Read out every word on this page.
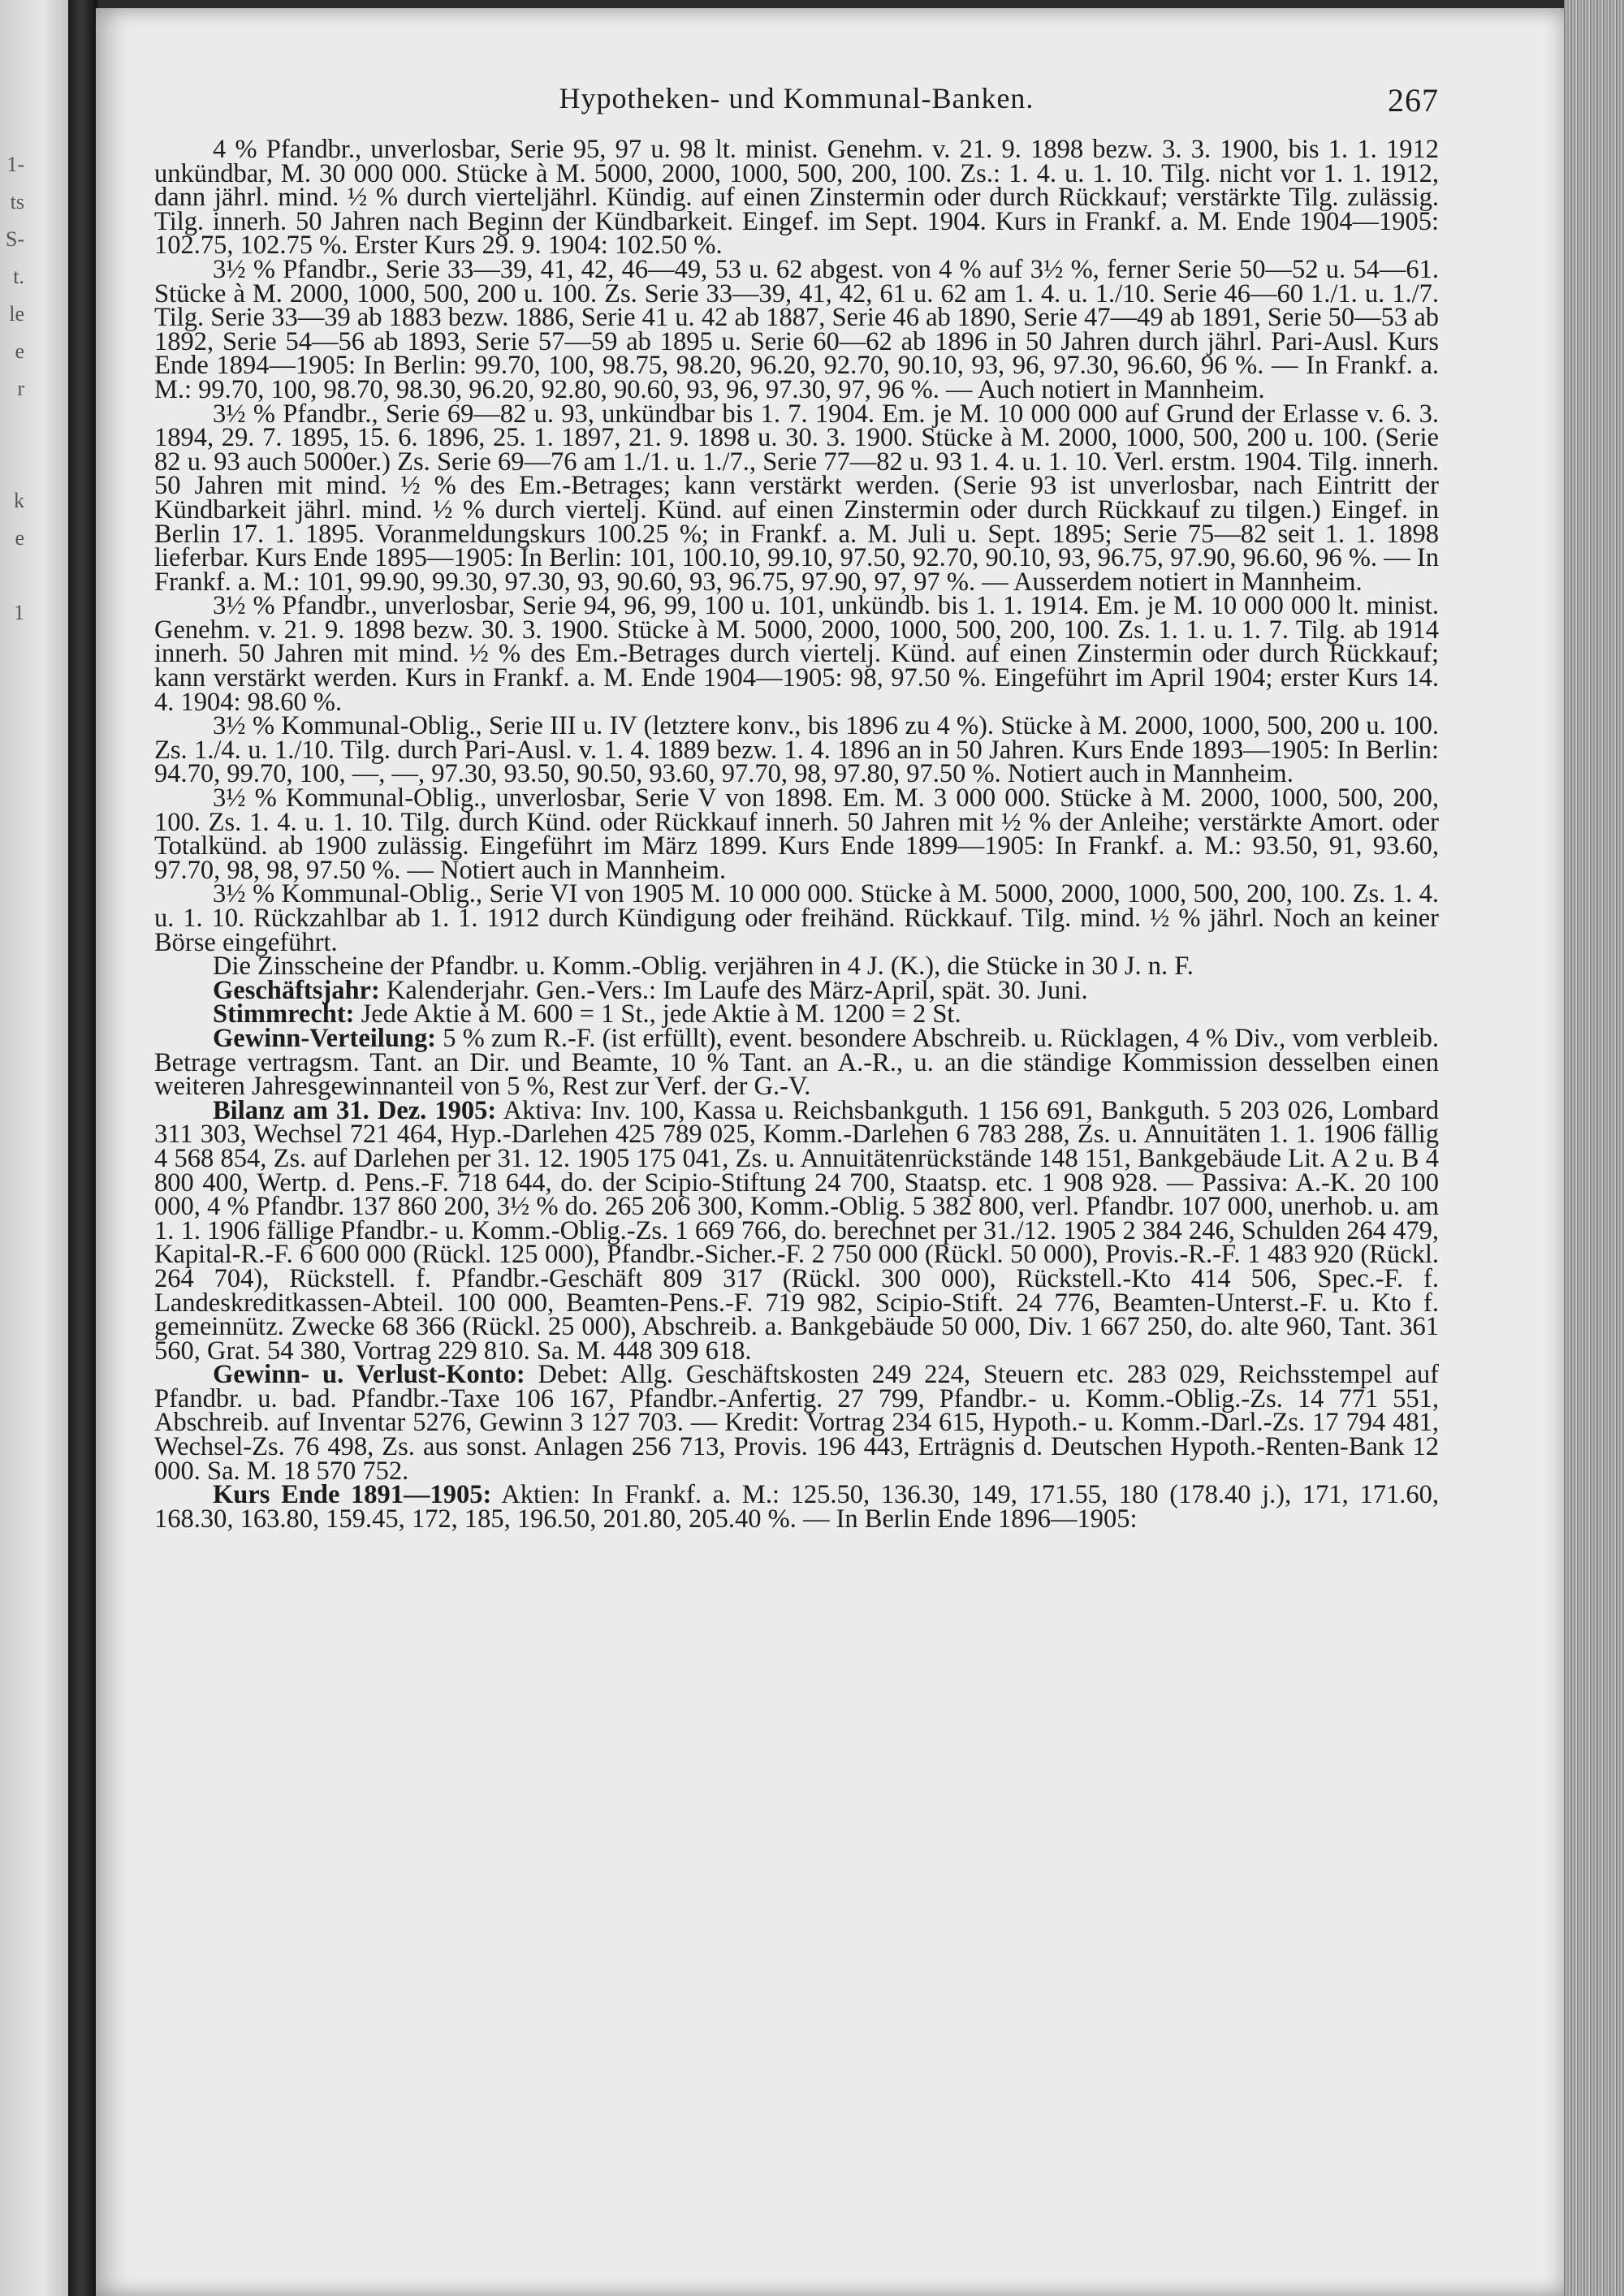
1-
ts
S-
t.
le
e
r

k
e

1
Hypotheken- und Kommunal-Banken.	267

4 % Pfandbr., unverlosbar, Serie 95, 97 u. 98 lt. minist. Genehm. v. 21. 9. 1898 bezw. 3. 3. 1900, bis 1. 1. 1912 unkündbar, M. 30 000 000. Stücke à M. 5000, 2000, 1000, 500, 200, 100. Zs.: 1. 4. u. 1. 10. Tilg. nicht vor 1. 1. 1912, dann jährl. mind. ½ % durch vierteljährl. Kündig. auf einen Zinstermin oder durch Rückkauf; verstärkte Tilg. zulässig. Tilg. innerh. 50 Jahren nach Beginn der Kündbarkeit. Eingef. im Sept. 1904. Kurs in Frankf. a. M. Ende 1904—1905: 102.75, 102.75 %. Erster Kurs 29. 9. 1904: 102.50 %.

3½ % Pfandbr., Serie 33—39, 41, 42, 46—49, 53 u. 62 abgest. von 4 % auf 3½ %, ferner Serie 50—52 u. 54—61. Stücke à M. 2000, 1000, 500, 200 u. 100. Zs. Serie 33—39, 41, 42, 61 u. 62 am 1. 4. u. 1./10. Serie 46—60 1./1. u. 1./7. Tilg. Serie 33—39 ab 1883 bezw. 1886, Serie 41 u. 42 ab 1887, Serie 46 ab 1890, Serie 47—49 ab 1891, Serie 50—53 ab 1892, Serie 54—56 ab 1893, Serie 57—59 ab 1895 u. Serie 60—62 ab 1896 in 50 Jahren durch jährl. Pari-Ausl. Kurs Ende 1894—1905: In Berlin: 99.70, 100, 98.75, 98.20, 96.20, 92.70, 90.10, 93, 96, 97.30, 96.60, 96 %. — In Frankf. a. M.: 99.70, 100, 98.70, 98.30, 96.20, 92.80, 90.60, 93, 96, 97.30, 97, 96 %. — Auch notiert in Mannheim.

3½ % Pfandbr., Serie 69—82 u. 93, unkündbar bis 1. 7. 1904. Em. je M. 10 000 000 auf Grund der Erlasse v. 6. 3. 1894, 29. 7. 1895, 15. 6. 1896, 25. 1. 1897, 21. 9. 1898 u. 30. 3. 1900. Stücke à M. 2000, 1000, 500, 200 u. 100. (Serie 82 u. 93 auch 5000er.) Zs. Serie 69—76 am 1./1. u. 1./7., Serie 77—82 u. 93 1. 4. u. 1. 10. Verl. erstm. 1904. Tilg. innerh. 50 Jahren mit mind. ½ % des Em.-Betrages; kann verstärkt werden. (Serie 93 ist unverlosbar, nach Eintritt der Kündbarkeit jährl. mind. ½ % durch viertelj. Künd. auf einen Zinstermin oder durch Rückkauf zu tilgen.) Eingef. in Berlin 17. 1. 1895. Voranmeldungskurs 100.25 %; in Frankf. a. M. Juli u. Sept. 1895; Serie 75—82 seit 1. 1. 1898 lieferbar. Kurs Ende 1895—1905: In Berlin: 101, 100.10, 99.10, 97.50, 92.70, 90.10, 93, 96.75, 97.90, 96.60, 96 %. — In Frankf. a. M.: 101, 99.90, 99.30, 97.30, 93, 90.60, 93, 96.75, 97.90, 97, 97 %. — Ausserdem notiert in Mannheim.

3½ % Pfandbr., unverlosbar, Serie 94, 96, 99, 100 u. 101, unkündb. bis 1. 1. 1914. Em. je M. 10 000 000 lt. minist. Genehm. v. 21. 9. 1898 bezw. 30. 3. 1900. Stücke à M. 5000, 2000, 1000, 500, 200, 100. Zs. 1. 1. u. 1. 7. Tilg. ab 1914 innerh. 50 Jahren mit mind. ½ % des Em.-Betrages durch viertelj. Künd. auf einen Zinstermin oder durch Rückkauf; kann verstärkt werden. Kurs in Frankf. a. M. Ende 1904—1905: 98, 97.50 %. Eingeführt im April 1904; erster Kurs 14. 4. 1904: 98.60 %.

3½ % Kommunal-Oblig., Serie III u. IV (letztere konv., bis 1896 zu 4 %). Stücke à M. 2000, 1000, 500, 200 u. 100. Zs. 1./4. u. 1./10. Tilg. durch Pari-Ausl. v. 1. 4. 1889 bezw. 1. 4. 1896 an in 50 Jahren. Kurs Ende 1893—1905: In Berlin: 94.70, 99.70, 100, —, —, 97.30, 93.50, 90.50, 93.60, 97.70, 98, 97.80, 97.50 %. Notiert auch in Mannheim.

3½ % Kommunal-Oblig., unverlosbar, Serie V von 1898. Em. M. 3 000 000. Stücke à M. 2000, 1000, 500, 200, 100. Zs. 1. 4. u. 1. 10. Tilg. durch Künd. oder Rückkauf innerh. 50 Jahren mit ½ % der Anleihe; verstärkte Amort. oder Totalkünd. ab 1900 zulässig. Eingeführt im März 1899. Kurs Ende 1899—1905: In Frankf. a. M.: 93.50, 91, 93.60, 97.70, 98, 98, 97.50 %. — Notiert auch in Mannheim.

3½ % Kommunal-Oblig., Serie VI von 1905 M. 10 000 000. Stücke à M. 5000, 2000, 1000, 500, 200, 100. Zs. 1. 4. u. 1. 10. Rückzahlbar ab 1. 1. 1912 durch Kündigung oder freihänd. Rückkauf. Tilg. mind. ½ % jährl. Noch an keiner Börse eingeführt.

Die Zinsscheine der Pfandbr. u. Komm.-Oblig. verjähren in 4 J. (K.), die Stücke in 30 J. n. F.

Geschäftsjahr: Kalenderjahr. Gen.-Vers.: Im Laufe des März-April, spät. 30. Juni.

Stimmrecht: Jede Aktie à M. 600 = 1 St., jede Aktie à M. 1200 = 2 St.

Gewinn-Verteilung: 5 % zum R.-F. (ist erfüllt), event. besondere Abschreib. u. Rücklagen, 4 % Div., vom verbleib. Betrage vertragsm. Tant. an Dir. und Beamte, 10 % Tant. an A.-R., u. an die ständige Kommission desselben einen weiteren Jahresgewinnanteil von 5 %, Rest zur Verf. der G.-V.

Bilanz am 31. Dez. 1905: Aktiva: Inv. 100, Kassa u. Reichsbankguth. 1 156 691, Bankguth. 5 203 026, Lombard 311 303, Wechsel 721 464, Hyp.-Darlehen 425 789 025, Komm.-Darlehen 6 783 288, Zs. u. Annuitäten 1. 1. 1906 fällig 4 568 854, Zs. auf Darlehen per 31. 12. 1905 175 041, Zs. u. Annuitätenrückstände 148 151, Bankgebäude Lit. A 2 u. B 4 800 400, Wertp. d. Pens.-F. 718 644, do. der Scipio-Stiftung 24 700, Staatsp. etc. 1 908 928. — Passiva: A.-K. 20 100 000, 4 % Pfandbr. 137 860 200, 3½ % do. 265 206 300, Komm.-Oblig. 5 382 800, verl. Pfandbr. 107 000, unerhob. u. am 1. 1. 1906 fällige Pfandbr.- u. Komm.-Oblig.-Zs. 1 669 766, do. berechnet per 31./12. 1905 2 384 246, Schulden 264 479, Kapital-R.-F. 6 600 000 (Rückl. 125 000), Pfandbr.-Sicher.-F. 2 750 000 (Rückl. 50 000), Provis.-R.-F. 1 483 920 (Rückl. 264 704), Rückstell. f. Pfandbr.-Geschäft 809 317 (Rückl. 300 000), Rückstell.-Kto 414 506, Spec.-F. f. Landeskreditkassen-Abteil. 100 000, Beamten-Pens.-F. 719 982, Scipio-Stift. 24 776, Beamten-Unterst.-F. u. Kto f. gemeinnütz. Zwecke 68 366 (Rückl. 25 000), Abschreib. a. Bankgebäude 50 000, Div. 1 667 250, do. alte 960, Tant. 361 560, Grat. 54 380, Vortrag 229 810. Sa. M. 448 309 618.

Gewinn- u. Verlust-Konto: Debet: Allg. Geschäftskosten 249 224, Steuern etc. 283 029, Reichsstempel auf Pfandbr. u. bad. Pfandbr.-Taxe 106 167, Pfandbr.-Anfertig. 27 799, Pfandbr.- u. Komm.-Oblig.-Zs. 14 771 551, Abschreib. auf Inventar 5276, Gewinn 3 127 703. — Kredit: Vortrag 234 615, Hypoth.- u. Komm.-Darl.-Zs. 17 794 481, Wechsel-Zs. 76 498, Zs. aus sonst. Anlagen 256 713, Provis. 196 443, Erträgnis d. Deutschen Hypoth.-Renten-Bank 12 000. Sa. M. 18 570 752.

Kurs Ende 1891—1905: Aktien: In Frankf. a. M.: 125.50, 136.30, 149, 171.55, 180 (178.40 j.), 171, 171.60, 168.30, 163.80, 159.45, 172, 185, 196.50, 201.80, 205.40 %. — In Berlin Ende 1896—1905:
